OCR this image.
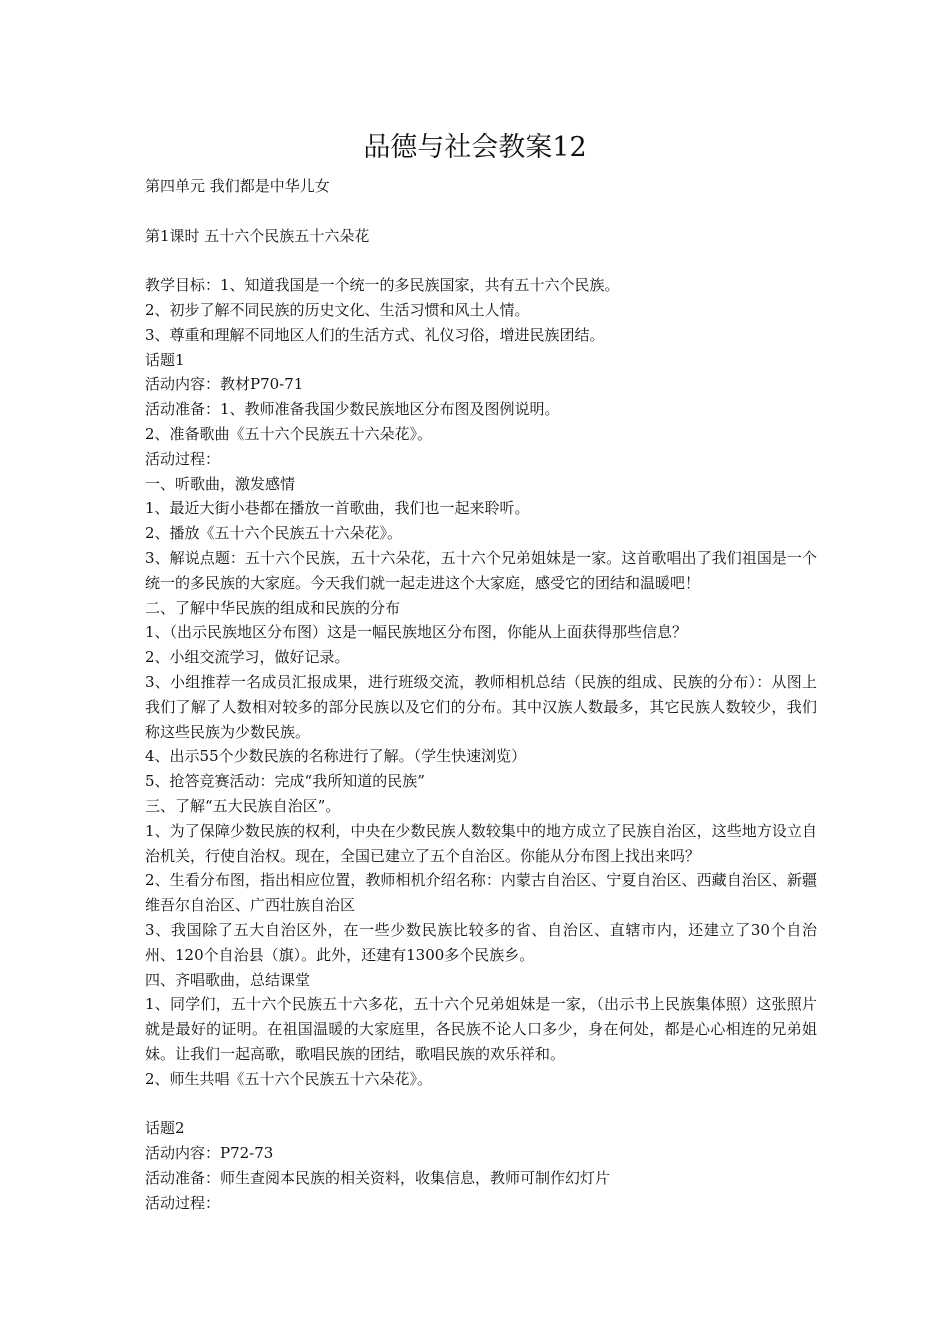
品德与社会教案12

第四单元 我们都是中华儿女

第1课时 五十六个民族五十六朵花

教学目标：1、知道我国是一个统一的多民族国家，共有五十六个民族。

2、初步了解不同民族的历史文化、生活习惯和风土人情。

3、尊重和理解不同地区人们的生活方式、礼仪习俗，增进民族团结。

话题1

活动内容：教材P70-71

活动准备：1、教师准备我国少数民族地区分布图及图例说明。

2、准备歌曲《五十六个民族五十六朵花》。

活动过程：

一、听歌曲，激发感情

1、最近大街小巷都在播放一首歌曲，我们也一起来聆听。

2、播放《五十六个民族五十六朵花》。

3、解说点题：五十六个民族，五十六朵花，五十六个兄弟姐妹是一家。这首歌唱出了我们祖国是一个统一的多民族的大家庭。今天我们就一起走进这个大家庭，感受它的团结和温暖吧！

二、了解中华民族的组成和民族的分布

1、（出示民族地区分布图）这是一幅民族地区分布图，你能从上面获得那些信息？

2、小组交流学习，做好记录。

3、小组推荐一名成员汇报成果，进行班级交流，教师相机总结（民族的组成、民族的分布）：从图上我们了解了人数相对较多的部分民族以及它们的分布。其中汉族人数最多，其它民族人数较少，我们称这些民族为少数民族。

4、出示55个少数民族的名称进行了解。（学生快速浏览）

5、抢答竞赛活动：完成“我所知道的民族”

三、了解“五大民族自治区”。

1、为了保障少数民族的权利，中央在少数民族人数较集中的地方成立了民族自治区，这些地方设立自治机关，行使自治权。现在，全国已建立了五个自治区。你能从分布图上找出来吗？

2、生看分布图，指出相应位置，教师相机介绍名称：内蒙古自治区、宁夏自治区、西藏自治区、新疆维吾尔自治区、广西壮族自治区

3、我国除了五大自治区外，在一些少数民族比较多的省、自治区、直辖市内，还建立了30个自治州、120个自治县（旗）。此外，还建有1300多个民族乡。

四、齐唱歌曲，总结课堂

1、同学们，五十六个民族五十六多花，五十六个兄弟姐妹是一家，（出示书上民族集体照）这张照片就是最好的证明。在祖国温暖的大家庭里，各民族不论人口多少，身在何处，都是心心相连的兄弟姐妹。让我们一起高歌，歌唱民族的团结，歌唱民族的欢乐祥和。

2、师生共唱《五十六个民族五十六朵花》。

话题2

活动内容：P72-73

活动准备：师生查阅本民族的相关资料，收集信息，教师可制作幻灯片

活动过程：
